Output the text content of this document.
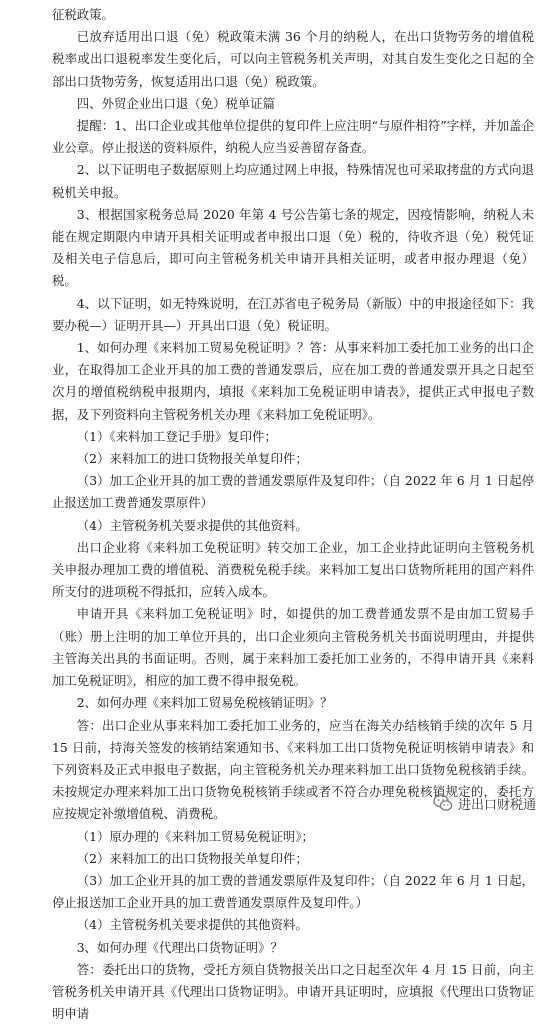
征税政策。

已放弃适用出口退（免）税政策未满 36 个月的纳税人，在出口货物劳务的增值税税率或出口退税率发生变化后，可以向主管税务机关声明，对其自发生变化之日起的全部出口货物劳务，恢复适用出口退（免）税政策。

四、外贸企业出口退（免）税单证篇

提醒：1、出口企业或其他单位提供的复印件上应注明“与原件相符”字样，并加盖企业公章。停止报送的资料原件，纳税人应当妥善留存备查。

2、以下证明电子数据原则上均应通过网上申报，特殊情况也可采取拷盘的方式向退税机关申报。

3、根据国家税务总局 2020 年第 4 号公告第七条的规定，因疫情影响，纳税人未能在规定期限内申请开具相关证明或者申报出口退（免）税的，待收齐退（免）税凭证及相关电子信息后，即可向主管税务机关申请开具相关证明，或者申报办理退（免）税。

4、以下证明，如无特殊说明，在江苏省电子税务局（新版）中的申报途径如下：我要办税—）证明开具—）开具出口退（免）税证明。

1、如何办理《来料加工贸易免税证明》？答：从事来料加工委托加工业务的出口企业，在取得加工企业开具的加工费的普通发票后，应在加工费的普通发票开具之日起至次月的增值税纳税申报期内，填报《来料加工免税证明申请表》，提供正式申报电子数据，及下列资料向主管税务机关办理《来料加工免税证明》。

（1）《来料加工登记手册》复印件；

（2）来料加工的进口货物报关单复印件；

（3）加工企业开具的加工费的普通发票原件及复印件；（自 2022 年 6 月 1 日起停止报送加工费普通发票原件）

（4）主管税务机关要求提供的其他资料。

出口企业将《来料加工免税证明》转交加工企业，加工企业持此证明向主管税务机关申报办理加工费的增值税、消费税免税手续。来料加工复出口货物所耗用的国产料件所支付的进项税不得抵扣，应转入成本。

申请开具《来料加工免税证明》时，如提供的加工费普通发票不是由加工贸易手（账）册上注明的加工单位开具的，出口企业须向主管税务机关书面说明理由，并提供主管海关出具的书面证明。否则，属于来料加工委托加工业务的，不得申请开具《来料加工免税证明》，相应的加工费不得申报免税。

2、如何办理《来料加工贸易免税核销证明》？

答：出口企业从事来料加工委托加工业务的，应当在海关办结核销手续的次年 5 月 15 日前，持海关签发的核销结案通知书、《来料加工出口货物免税证明核销申请表》和下列资料及正式申报电子数据，向主管税务机关办理来料加工出口货物免税核销手续。未按规定办理来料加工出口货物免税核销手续或者不符合办理免税核销规定的，委托方应按规定补缴增值税、消费税。

（1）原办理的《来料加工贸易免税证明》；

（2）来料加工的出口货物报关单复印件；

（3）加工企业开具的加工费的普通发票原件及复印件；（自 2022 年 6 月 1 日起，停止报送加工企业开具的加工费普通发票原件及复印件。）

（4）主管税务机关要求提供的其他资料。

3、如何办理《代理出口货物证明》？

答：委托出口的货物，受托方须自货物报关出口之日起至次年 4 月 15 日前，向主管税务机关申请开具《代理出口货物证明》。申请开具证明时，应填报《代理出口货物证明申请

进出口财税通
